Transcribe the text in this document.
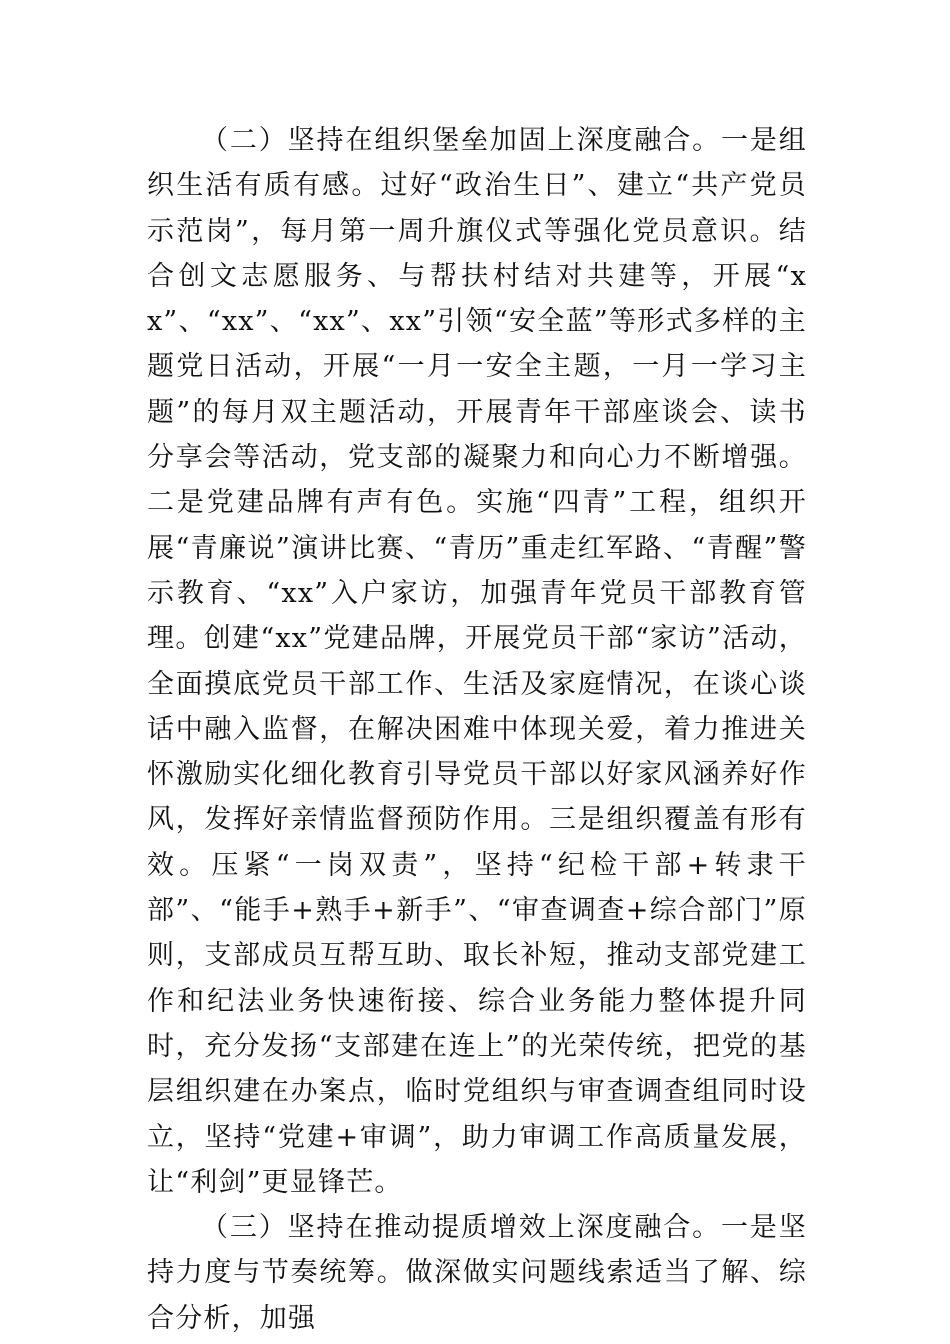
（二）坚持在组织堡垒加固上深度融合。一是组织生活有质有感。过好“政治生日”、建立“共产党员示范岗”，每月第一周升旗仪式等强化党员意识。结合创文志愿服务、与帮扶村结对共建等，开展“xx”、“xx”、“xx”、xx”引领“安全蓝”等形式多样的主题党日活动，开展“一月一安全主题，一月一学习主题”的每月双主题活动，开展青年干部座谈会、读书分享会等活动，党支部的凝聚力和向心力不断增强。二是党建品牌有声有色。实施“四青”工程，组织开展“青廉说”演讲比赛、“青历”重走红军路、“青醒”警示教育、“xx”入户家访，加强青年党员干部教育管理。创建“xx”党建品牌，开展党员干部“家访”活动，全面摸底党员干部工作、生活及家庭情况，在谈心谈话中融入监督，在解决困难中体现关爱，着力推进关怀激励实化细化教育引导党员干部以好家风涵养好作风，发挥好亲情监督预防作用。三是组织覆盖有形有效。压紧“一岗双责”，坚持“纪检干部+转隶干部”、“能手+熟手+新手”、“审查调查+综合部门”原则，支部成员互帮互助、取长补短，推动支部党建工作和纪法业务快速衔接、综合业务能力整体提升同时，充分发扬“支部建在连上”的光荣传统，把党的基层组织建在办案点，临时党组织与审查调查组同时设立，坚持“党建+审调”，助力审调工作高质量发展，让“利剑”更显锋芒。

（三）坚持在推动提质增效上深度融合。一是坚持力度与节奏统筹。做深做实问题线索适当了解、综合分析，加强
